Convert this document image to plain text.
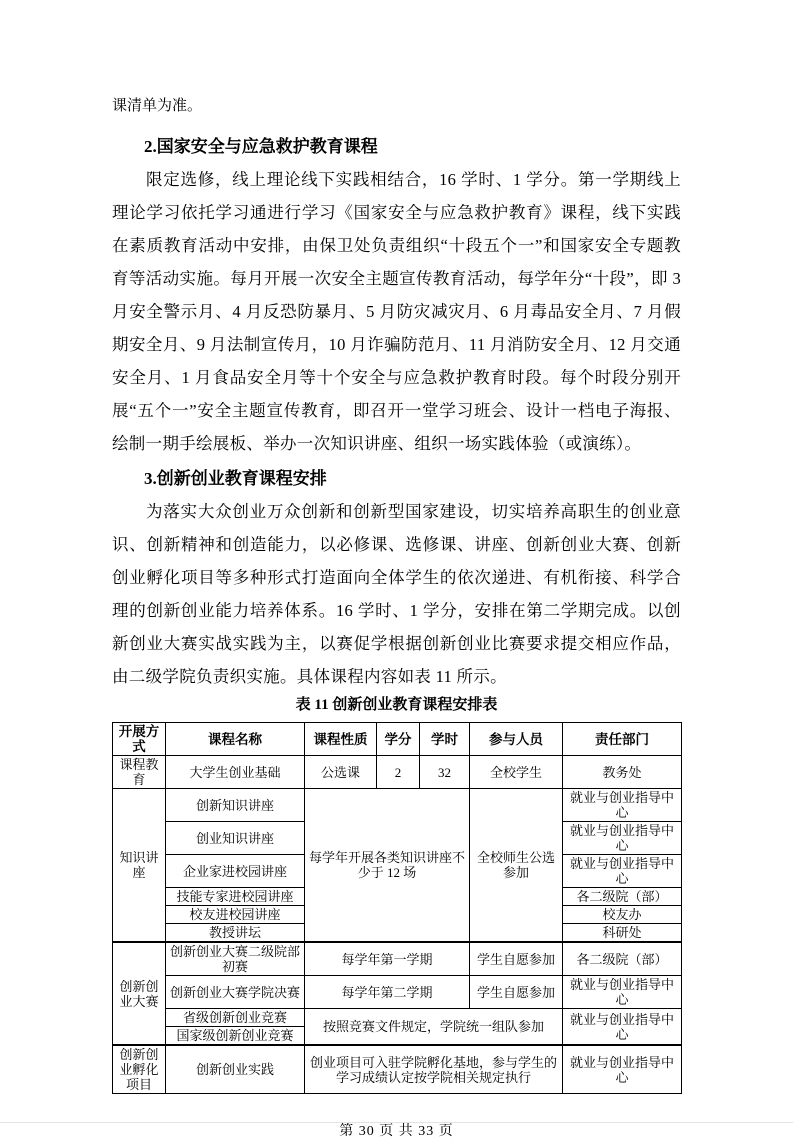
课清单为准。
2.国家安全与应急救护教育课程

限定选修，线上理论线下实践相结合，16 学时、1 学分。第一学期线上理论学习依托学习通进行学习《国家安全与应急救护教育》课程，线下实践在素质教育活动中安排，由保卫处负责组织“十段五个一”和国家安全专题教育等活动实施。每月开展一次安全主题宣传教育活动，每学年分“十段”，即 3 月安全警示月、4 月反恐防暴月、5 月防灾减灾月、6 月毒品安全月、7 月假期安全月、9 月法制宣传月，10 月诈骗防范月、11 月消防安全月、12 月交通安全月、1 月食品安全月等十个安全与应急救护教育时段。每个时段分别开展“五个一”安全主题宣传教育，即召开一堂学习班会、设计一档电子海报、绘制一期手绘展板、举办一次知识讲座、组织一场实践体验（或演练）。

3.创新创业教育课程安排

为落实大众创业万众创新和创新型国家建设，切实培养高职生的创业意识、创新精神和创造能力，以必修课、选修课、讲座、创新创业大赛、创新创业孵化项目等多种形式打造面向全体学生的依次递进、有机衔接、科学合理的创新创业能力培养体系。16 学时、1 学分，安排在第二学期完成。以创新创业大赛实战实践为主，以赛促学根据创新创业比赛要求提交相应作品，由二级学院负责织实施。具体课程内容如表 11 所示。

表 11 创新创业教育课程安排表
开展方式	课程名称	课程性质	学分	学时	参与人员	责任部门
课程教育	大学生创业基础	公选课	2	32	全校学生	教务处
知识讲座	创新知识讲座	每学年开展各类知识讲座不少于 12 场			全校师生公选参加	就业与创业指导中心
	创业知识讲座					就业与创业指导中心
	企业家进校园讲座					就业与创业指导中心
	技能专家进校园讲座					各二级院（部）
	校友进校园讲座					校友办
	教授讲坛					科研处
创新创业大赛	创新创业大赛二级院部初赛	每学年第一学期			学生自愿参加	各二级院（部）
	创新创业大赛学院决赛	每学年第二学期			学生自愿参加	就业与创业指导中心
	省级创新创业竞赛	按照竞赛文件规定，学院统一组队参加				就业与创业指导中心
	国家级创新创业竞赛					
创新创业孵化项目	创新创业实践	创业项目可入驻学院孵化基地，参与学生的学习成绩认定按学院相关规定执行				就业与创业指导中心
第 30 页 共 33 页
